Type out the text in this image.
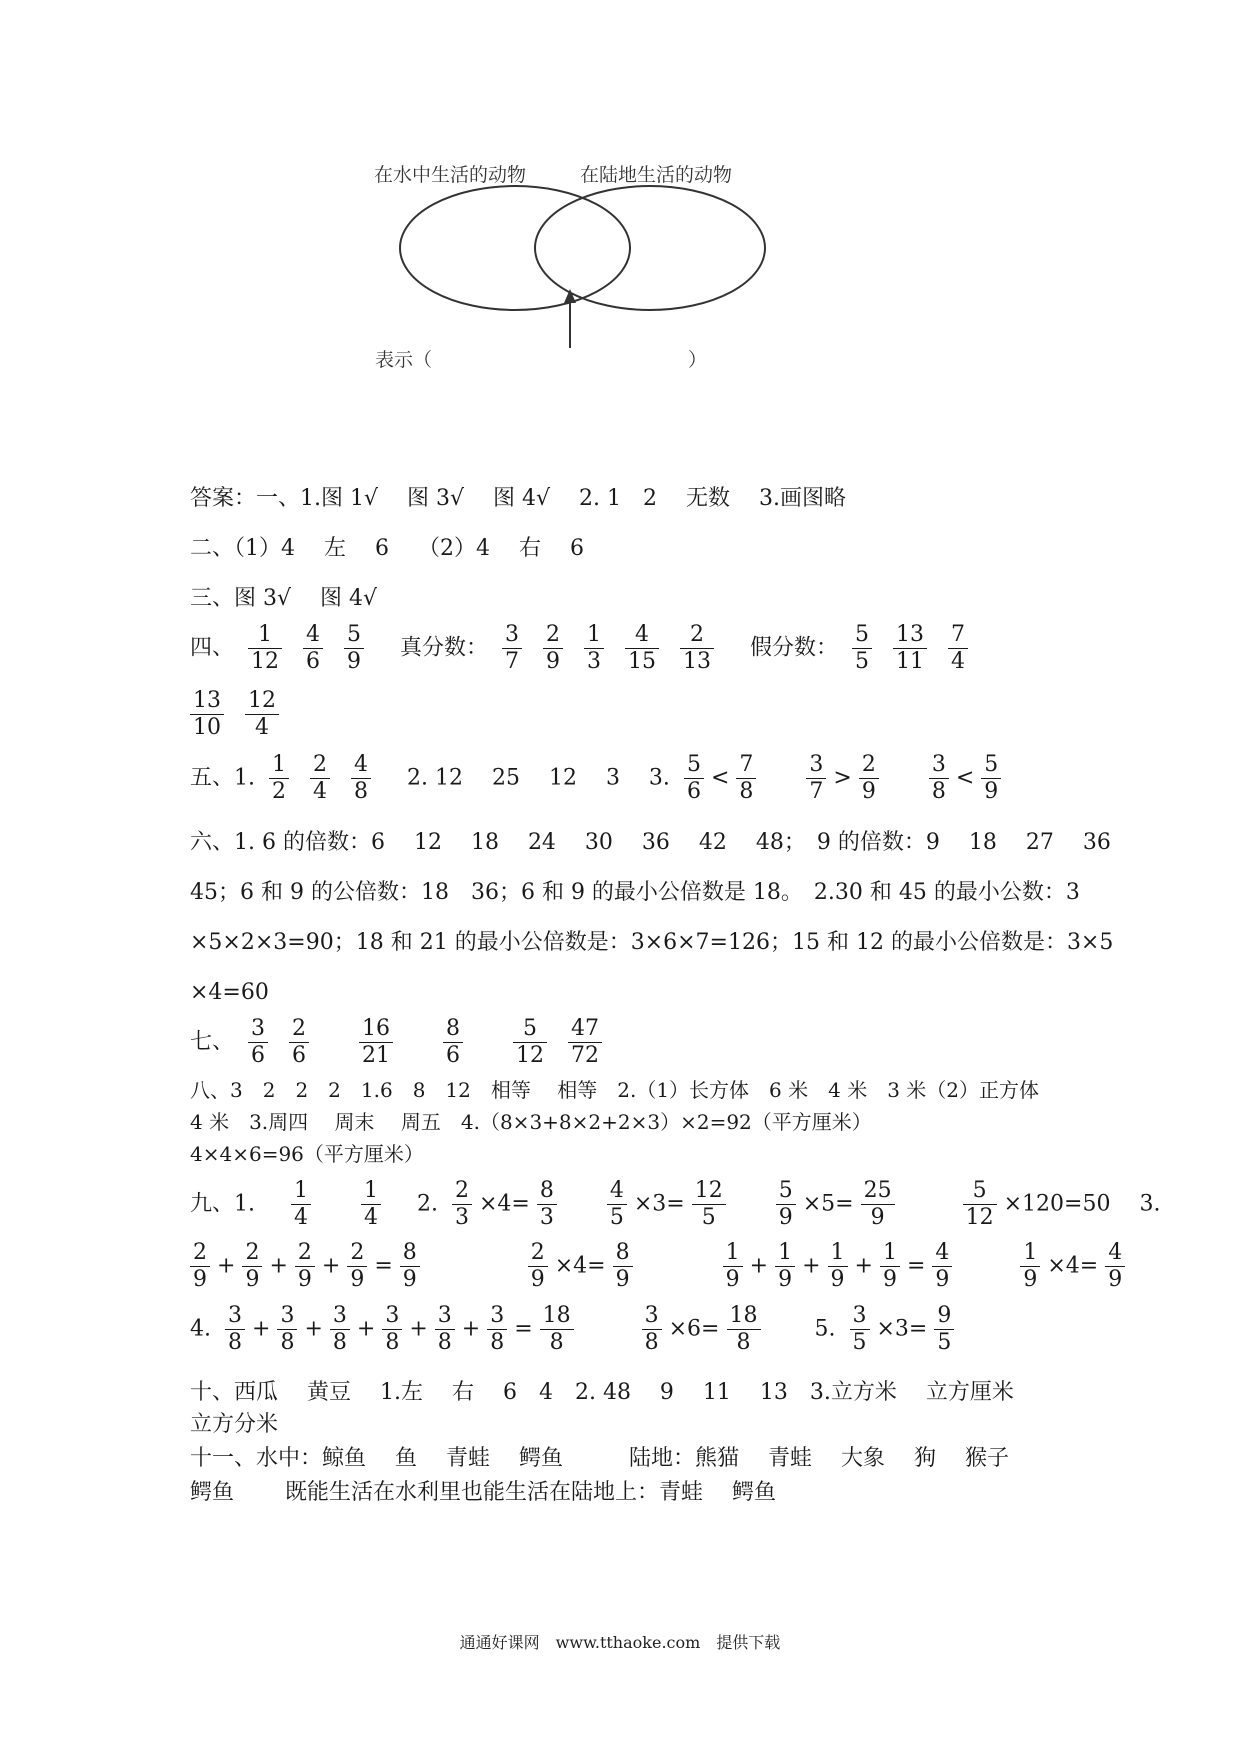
在水中生活的动物	在陆地生活的动物
表示（	）
答案：一、1.图 1√　 图 3√　 图 4√　 2. 1　2　 无数　 3.画图略
二、（1）4　 左　 6　 （2）4　 右　 6
三、图 3√　 图 4√
四、 $\frac{1}{12}$
$\frac{4}{6}$
$\frac{5}{9}$ 真分数： $\frac{3}{7}$
$\frac{2}{9}$
$\frac{1}{3}$
$\frac{4}{15}$
$\frac{2}{13}$ 假分数： $\frac{5}{5}$
$\frac{13}{11}$
$\frac{7}{4}$
$\frac{13}{10}$
$\frac{12}{4}$
五、1. $\frac{1}{2}$
$\frac{2}{4}$
$\frac{4}{8} 2$. 12　 25　 12　 3　 3. $\frac{5}{6} < \frac{7}{8}$
$\frac{3}{7} > \frac{2}{9}$
$\frac{3}{8} < \frac{5}{9}$
六、1. 6 的倍数：6　 12　 18　 24　 30　 36　 42　 48；　9 的倍数：9　 18　 27　 36
45；6 和 9 的公倍数：18　36；6 和 9 的最小公倍数是 18。　2.30 和 45 的最小公数：3
×5×2×3=90；18 和 21 的最小公倍数是：3×6×7=126；15 和 12 的最小公倍数是：3×5
×4=60
七、 $\frac{3}{6}$
$\frac{2}{6}$
$\frac{16}{21}$
$\frac{8}{6}$
$\frac{5}{12}$
$\frac{47}{72}$
八、3　2　2　2　1.6　8　12　相等　 相等　2.（1）长方体　6 米　4 米　3 米（2）正方体
4 米　3.周四　 周末　 周五　4.（8×3+8×2+2×3）×2=92（平方厘米）
4×4×6=96（平方厘米）
九、1. $\frac{1}{4}$
$\frac{1}{4} 2$. $\frac{2}{3} \times 4= \frac{8}{3}$
$\frac{4}{5} \times 3= \frac{12}{5}$
$\frac{5}{9} \times 5= \frac{25}{9}$
	$\frac{5}{12} \times 120=50$ 3.
$\frac{2}{9} + \frac{2}{9} + \frac{2}{9} + \frac{2}{9} = \frac{8}{9}$
	$\frac{2}{9} \times 4= \frac{8}{9}$
	$\frac{1}{9} + \frac{1}{9} + \frac{1}{9} + \frac{1}{9} = \frac{4}{9}$
	$\frac{1}{9} \times 4= \frac{4}{9}$
4. $\frac{3}{8} + \frac{3}{8} + \frac{3}{8} + \frac{3}{8} + \frac{3}{8} + \frac{3}{8} = \frac{18}{8}$
	$\frac{3}{8} \times 6= \frac{18}{8} 5$. $\frac{3}{5} \times 3= \frac{9}{5}$
十、西瓜　 黄豆　 1.左　 右　 6　4　2. 48　 9　 11　 13　3.立方米　 立方厘米
立方分米
十一、水中：鲸鱼　 鱼　 青蛙　 鳄鱼　　　陆地：熊猫　 青蛙　 大象　 狗　 猴子
鳄鱼　　 既能生活在水利里也能生活在陆地上：青蛙　 鳄鱼
通通好课网　www.tthaoke.com　提供下载
